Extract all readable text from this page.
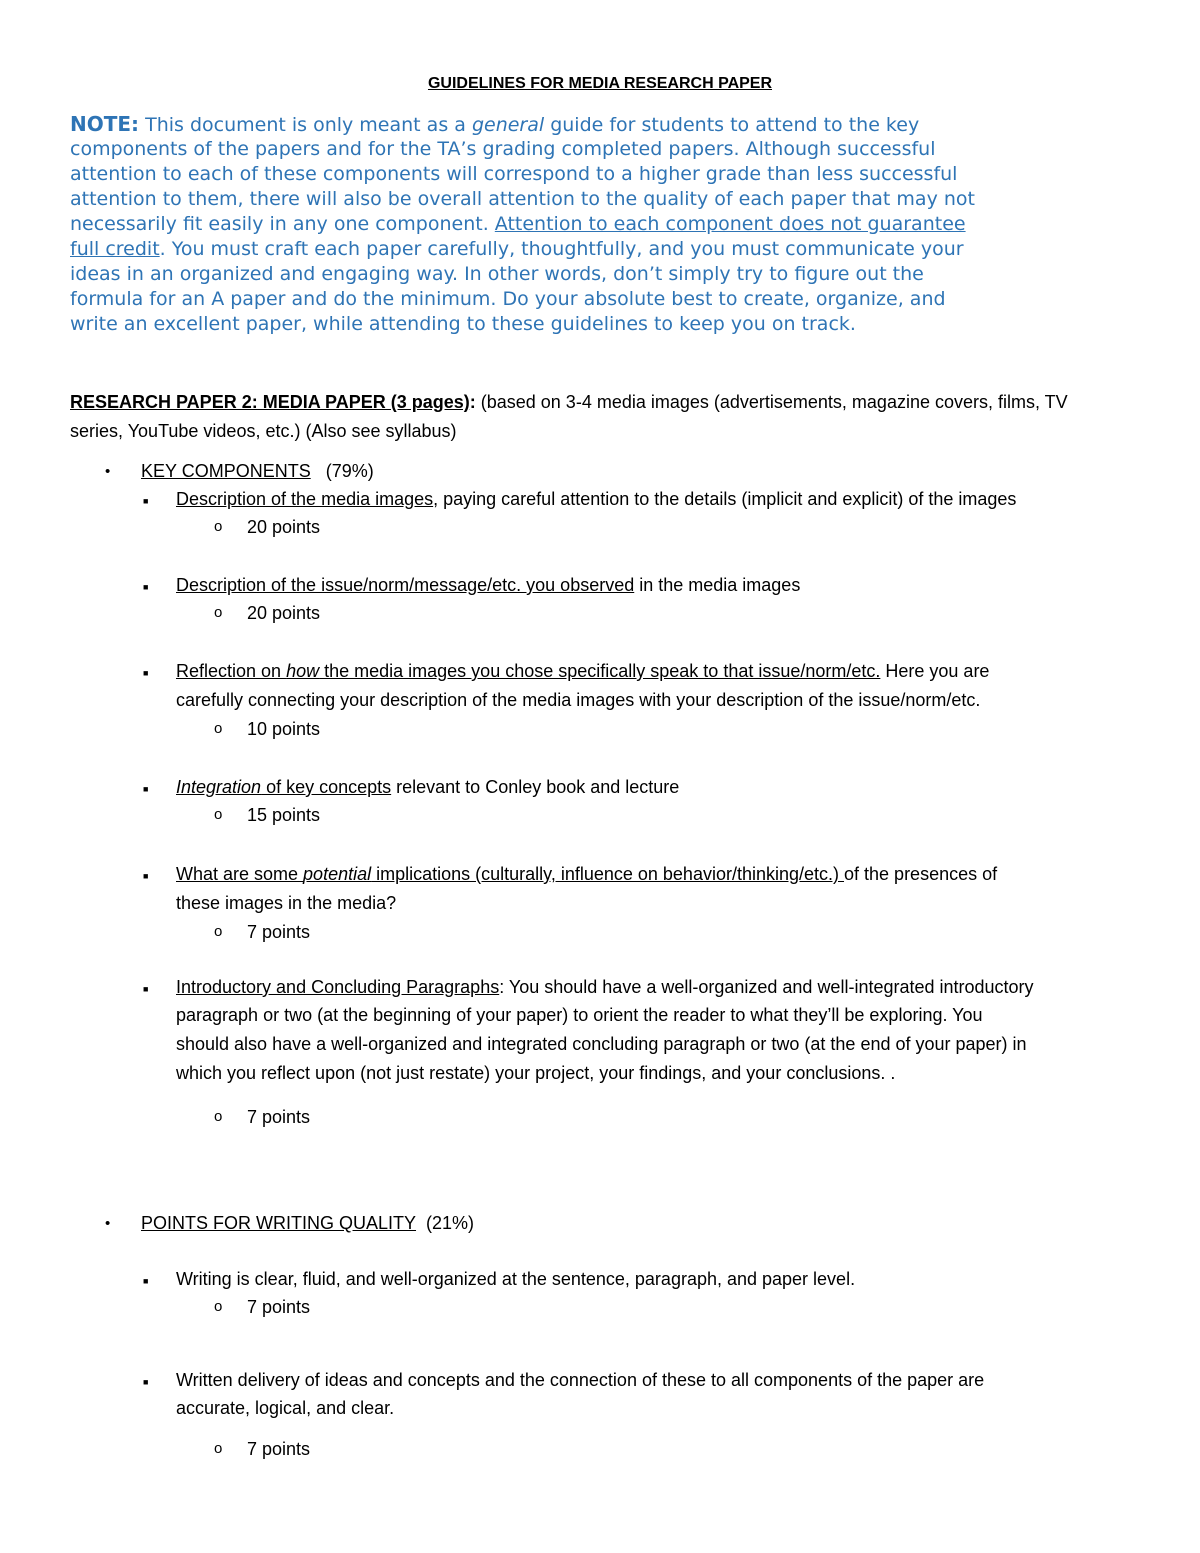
GUIDELINES FOR MEDIA RESEARCH PAPER
NOTE: This document is only meant as a general guide for students to attend to the key
components of the papers and for the TA’s grading completed papers. Although successful
attention to each of these components will correspond to a higher grade than less successful
attention to them, there will also be overall attention to the quality of each paper that may not
necessarily fit easily in any one component. Attention to each component does not guarantee
full credit. You must craft each paper carefully, thoughtfully, and you must communicate your
ideas in an organized and engaging way. In other words, don’t simply try to figure out the
formula for an A paper and do the minimum. Do your absolute best to create, organize, and
write an excellent paper, while attending to these guidelines to keep you on track.
RESEARCH PAPER 2: MEDIA PAPER (3 pages): (based on 3-4 media images (advertisements, magazine covers, films, TV
series, YouTube videos, etc.) (Also see syllabus)
• KEY COMPONENTS (79%)
■ Description of the media images, paying careful attention to the details (implicit and explicit) of the images
o 20 points
■ Description of the issue/norm/message/etc. you observed in the media images
o 20 points
■ Reflection on how the media images you chose specifically speak to that issue/norm/etc. Here you are
carefully connecting your description of the media images with your description of the issue/norm/etc.
o 10 points
■ Integration of key concepts relevant to Conley book and lecture
o 15 points
■ What are some potential implications (culturally, influence on behavior/thinking/etc.) of the presences of
these images in the media?
o 7 points
■ Introductory and Concluding Paragraphs: You should have a well-organized and well-integrated introductory
paragraph or two (at the beginning of your paper) to orient the reader to what they’ll be exploring. You
should also have a well-organized and integrated concluding paragraph or two (at the end of your paper) in
which you reflect upon (not just restate) your project, your findings, and your conclusions. .
o 7 points
• POINTS FOR WRITING QUALITY (21%)
■ Writing is clear, fluid, and well-organized at the sentence, paragraph, and paper level.
o 7 points
■ Written delivery of ideas and concepts and the connection of these to all components of the paper are
accurate, logical, and clear.
o 7 points
